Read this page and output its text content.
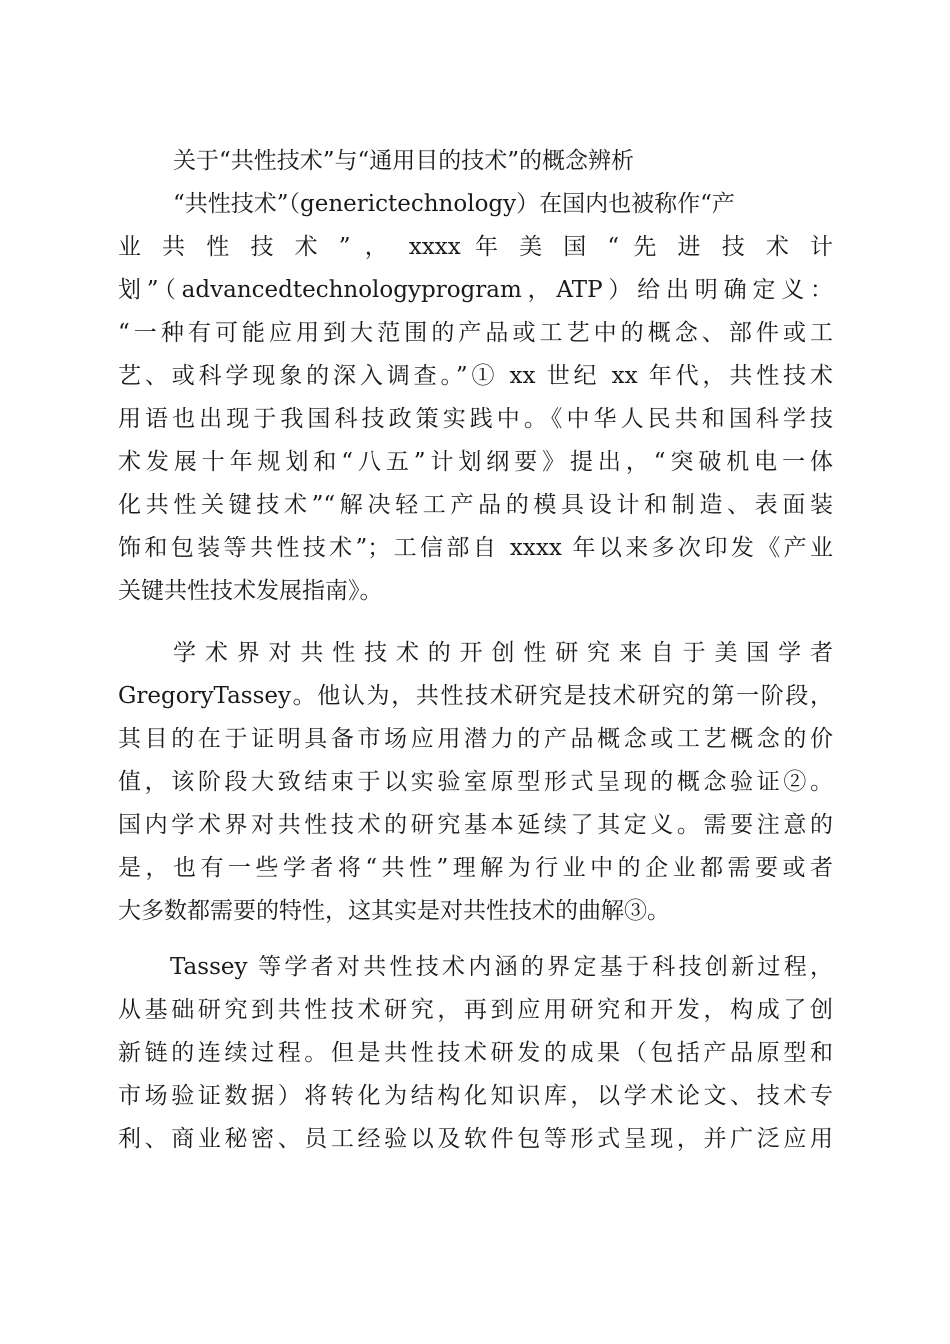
关于“共性技术”与“通用目的技术”的概念辨析
“共性技术”（generictechnology）在国内也被称作“产
业 共 性 技 术 ” ， xxxx 年 美 国 “ 先 进 技 术 计
划”（advancedtechnologyprogram，ATP）给出明确定义：
“一种有可能应用到大范围的产品或工艺中的概念、部件或工
艺、或科学现象的深入调查。”① xx 世纪 xx 年代，共性技术
用语也出现于我国科技政策实践中。《中华人民共和国科学技
术发展十年规划和“八五”计划纲要》提出，“突破机电一体
化共性关键技术”“解决轻工产品的模具设计和制造、表面装
饰和包装等共性技术”；工信部自 xxxx 年以来多次印发《产业
关键共性技术发展指南》。
学术界对共性技术的开创性研究来自于美国学者
GregoryTassey。他认为，共性技术研究是技术研究的第一阶段，
其目的在于证明具备市场应用潜力的产品概念或工艺概念的价
值，该阶段大致结束于以实验室原型形式呈现的概念验证②。
国内学术界对共性技术的研究基本延续了其定义。需要注意的
是，也有一些学者将“共性”理解为行业中的企业都需要或者
大多数都需要的特性，这其实是对共性技术的曲解③。
Tassey 等学者对共性技术内涵的界定基于科技创新过程，
从基础研究到共性技术研究，再到应用研究和开发，构成了创
新链的连续过程。但是共性技术研发的成果（包括产品原型和
市场验证数据）将转化为结构化知识库，以学术论文、技术专
利、商业秘密、员工经验以及软件包等形式呈现，并广泛应用
